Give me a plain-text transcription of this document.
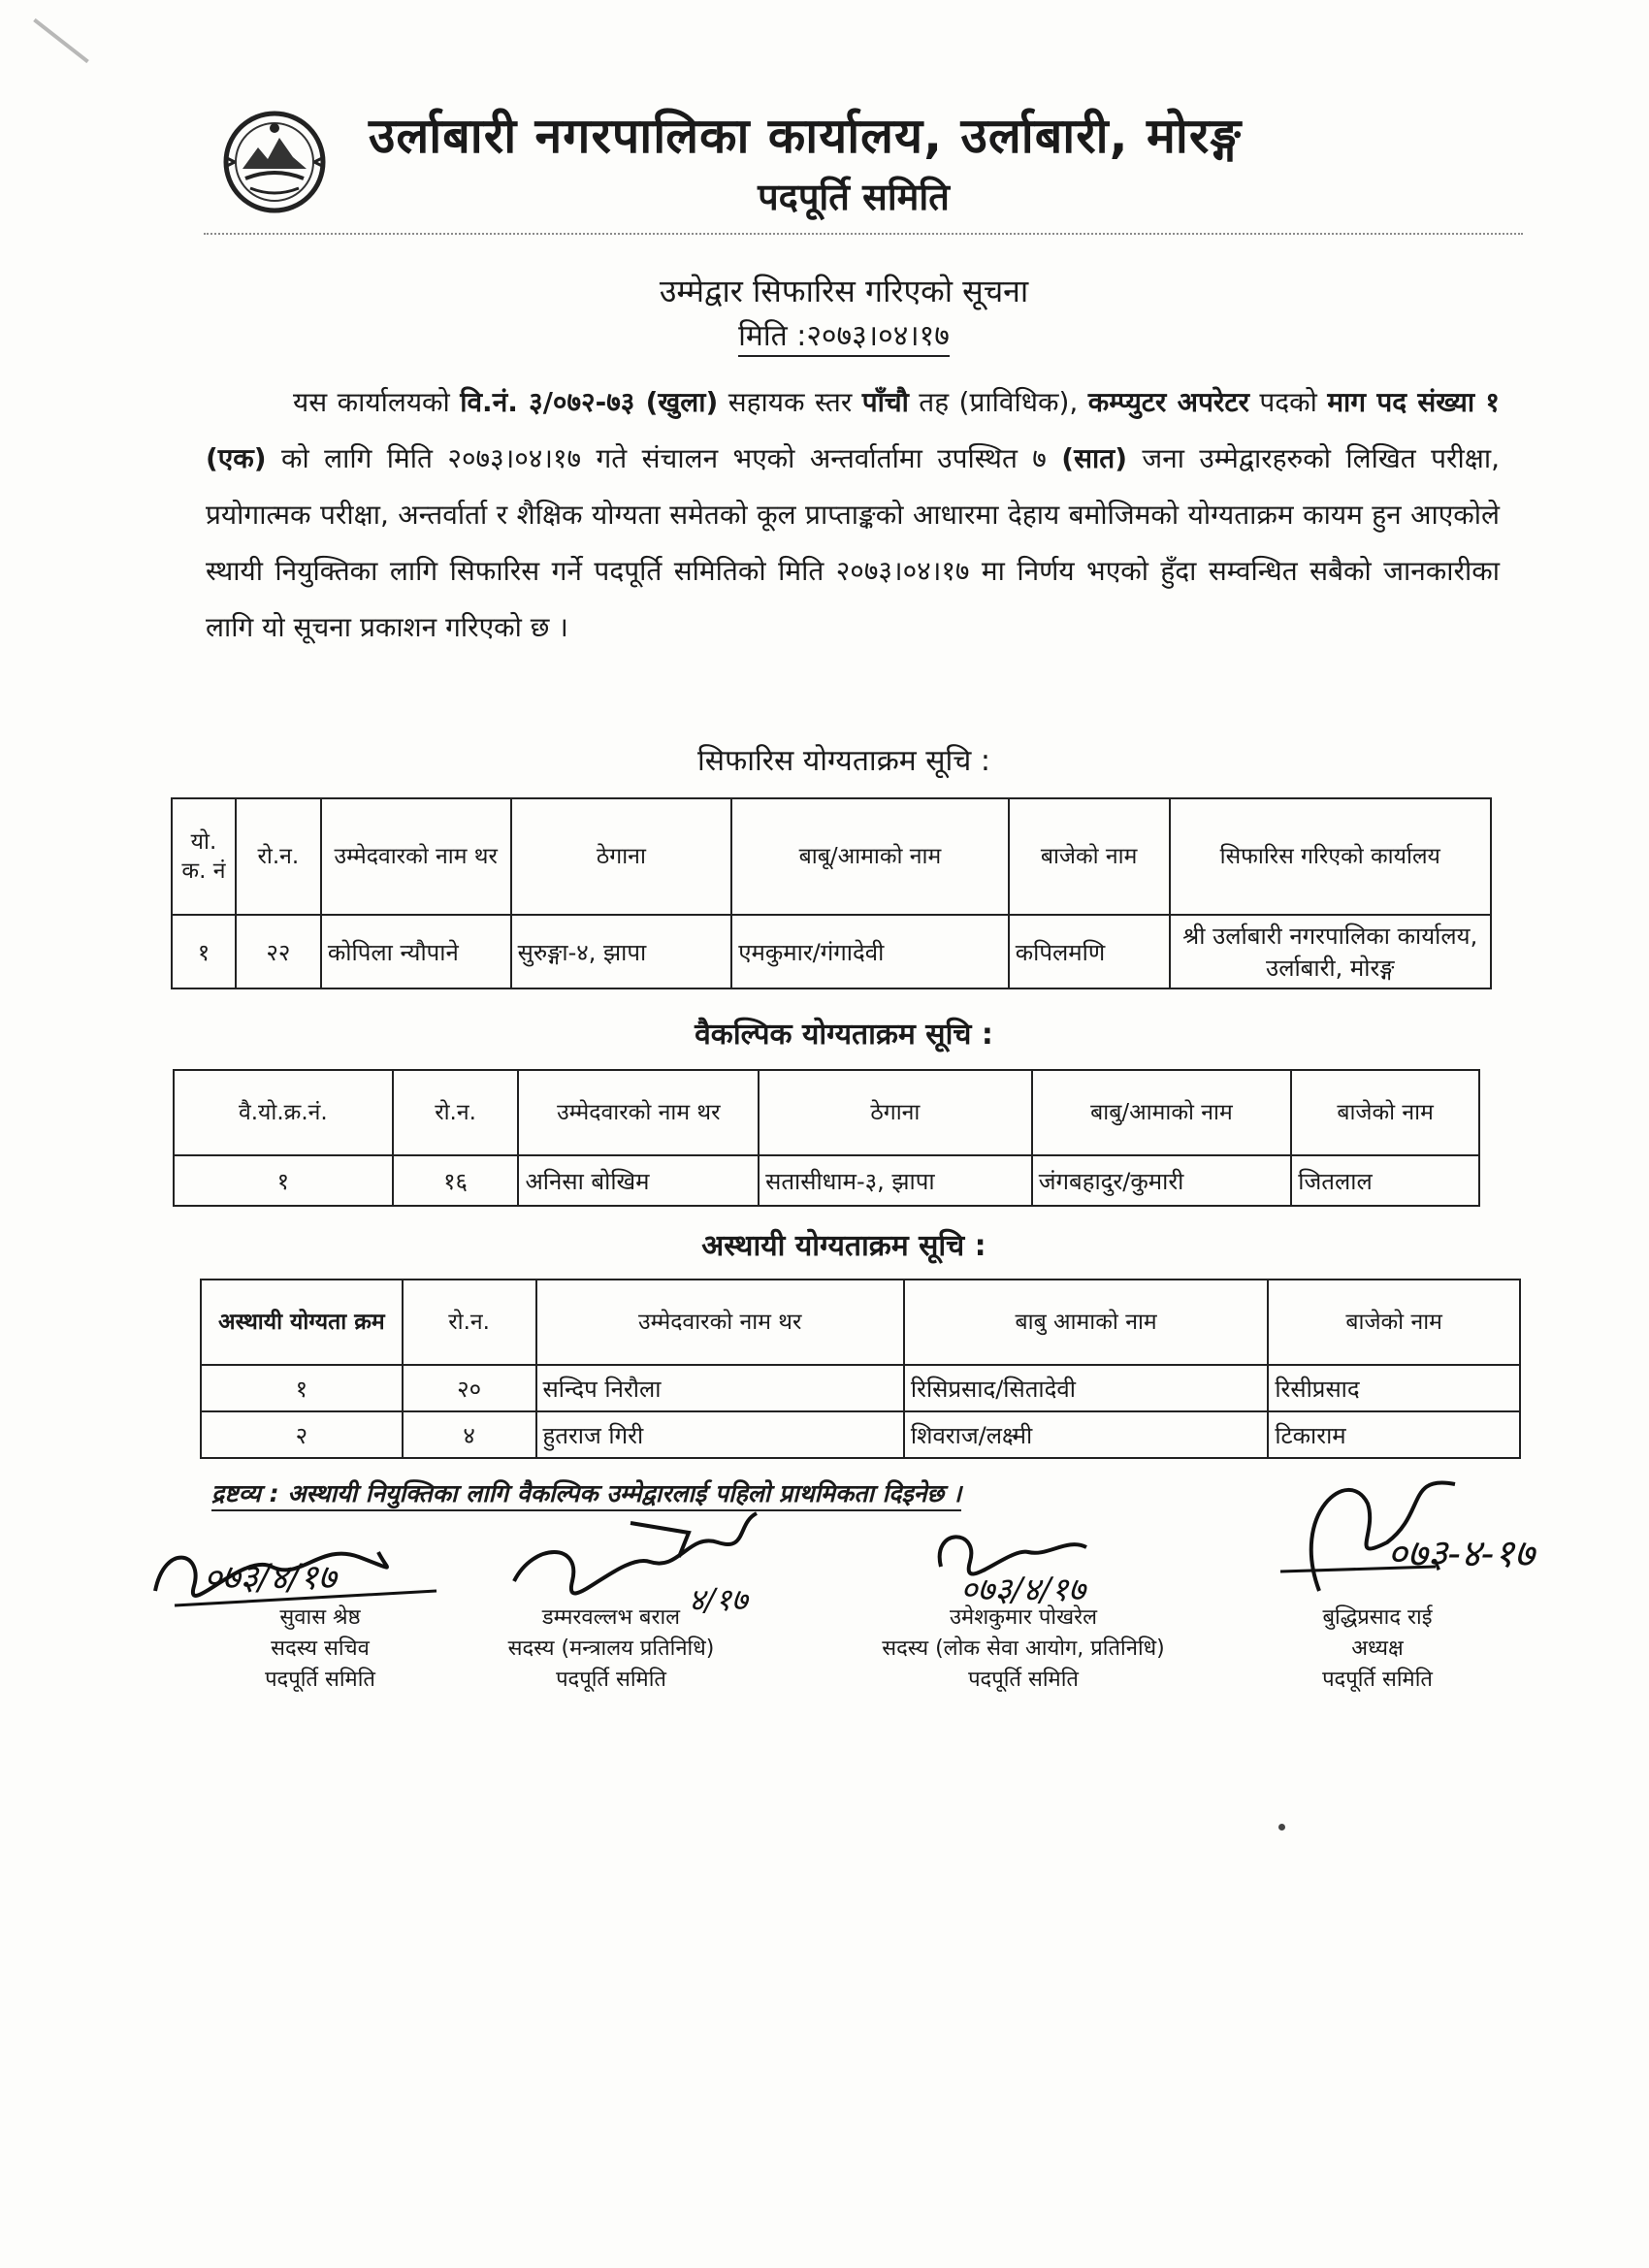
उर्लाबारी नगरपालिका कार्यालय, उर्लाबारी, मोरङ्ग
पदपूर्ति समिति
उम्मेद्वार सिफारिस गरिएको सूचना
मिति :२०७३।०४।१७
यस कार्यालयको वि.नं. ३/०७२-७३ (खुला) सहायक स्तर पाँचौ तह (प्राविधिक), कम्प्युटर अपरेटर पदको माग पद संख्या १ (एक) को लागि मिति २०७३।०४।१७ गते संचालन भएको अन्तर्वार्तामा उपस्थित ७ (सात) जना उम्मेद्वारहरुको लिखित परीक्षा, प्रयोगात्मक परीक्षा, अन्तर्वार्ता र शैक्षिक योग्यता समेतको कूल प्राप्ताङ्कको आधारमा देहाय बमोजिमको योग्यताक्रम कायम हुन आएकोले स्थायी नियुक्तिका लागि सिफारिस गर्ने पदपूर्ति समितिको मिति २०७३।०४।१७ मा निर्णय भएको हुँदा सम्वन्धित सबैको जानकारीका लागि यो सूचना प्रकाशन गरिएको छ ।
सिफारिस योग्यताक्रम सूचि :
यो. क. नं	रो.न.	उम्मेदवारको नाम थर	ठेगाना	बाबू/आमाको नाम	बाजेको नाम	सिफारिस गरिएको कार्यालय
१	२२	कोपिला न्यौपाने	सुरुङ्गा-४, झापा	एमकुमार/गंगादेवी	कपिलमणि	श्री उर्लाबारी नगरपालिका कार्यालय, उर्लाबारी, मोरङ्ग
वैकल्पिक योग्यताक्रम सूचि :
वै.यो.क्र.नं.	रो.न.	उम्मेदवारको नाम थर	ठेगाना	बाबु/आमाको नाम	बाजेको नाम
१	१६	अनिसा बोखिम	सतासीधाम-३, झापा	जंगबहादुर/कुमारी	जितलाल
अस्थायी योग्यताक्रम सूचि :
अस्थायी योग्यता क्रम	रो.न.	उम्मेदवारको नाम थर	बाबु आमाको नाम	बाजेको नाम
१	२०	सन्दिप निरौला	रिसिप्रसाद/सितादेवी	रिसीप्रसाद
२	४	हुतराज गिरी	शिवराज/लक्ष्मी	टिकाराम
द्रष्टव्य : अस्थायी नियुक्तिका लागि वैकल्पिक उम्मेद्वारलाई पहिलो प्राथमिकता दिइनेछ ।
०७३/४/१७
४/१७	०७३/४/१७
०७३-४-१७
सुवास श्रेष्ठ
सदस्य सचिव
पदपूर्ति समिति
डम्मरवल्लभ बराल
सदस्य (मन्त्रालय प्रतिनिधि)
पदपूर्ति समिति
उमेशकुमार पोखरेल
सदस्य (लोक सेवा आयोग, प्रतिनिधि)
पदपूर्ति समिति
बुद्धिप्रसाद राई
अध्यक्ष
पदपूर्ति समिति
